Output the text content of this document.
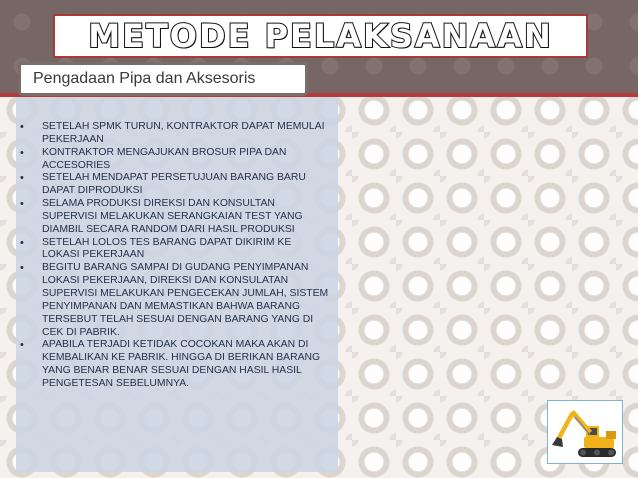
METODE PELAKSANAAN
Pengadaan Pipa dan Aksesoris
• SETELAH SPMK TURUN, KONTRAKTOR DAPAT MEMULAI PEKERJAAN
• KONTRAKTOR MENGAJUKAN BROSUR PIPA DAN ACCESORIES
• SETELAH MENDAPAT PERSETUJUAN BARANG BARU DAPAT DIPRODUKSI
• SELAMA PRODUKSI DIREKSI DAN KONSULTAN SUPERVISI MELAKUKAN SERANGKAIAN TEST YANG DIAMBIL SECARA RANDOM DARI HASIL PRODUKSI
• SETELAH LOLOS TES BARANG DAPAT DIKIRIM KE LOKASI PEKERJAAN
• BEGITU BARANG SAMPAI DI GUDANG PENYIMPANAN LOKASI PEKERJAAN, DIREKSI DAN KONSULATAN SUPERVISI MELAKUKAN PENGECEKAN JUMLAH, SISTEM PENYIMPANAN DAN MEMASTIKAN BAHWA BARANG TERSEBUT TELAH SESUAI DENGAN BARANG YANG DI CEK DI PABRIK.
• APABILA TERJADI KETIDAK COCOKAN MAKA AKAN DI KEMBALIKAN KE PABRIK. HINGGA DI BERIKAN BARANG YANG BENAR BENAR SESUAI DENGAN HASIL HASIL PENGETESAN SEBELUMNYA.
